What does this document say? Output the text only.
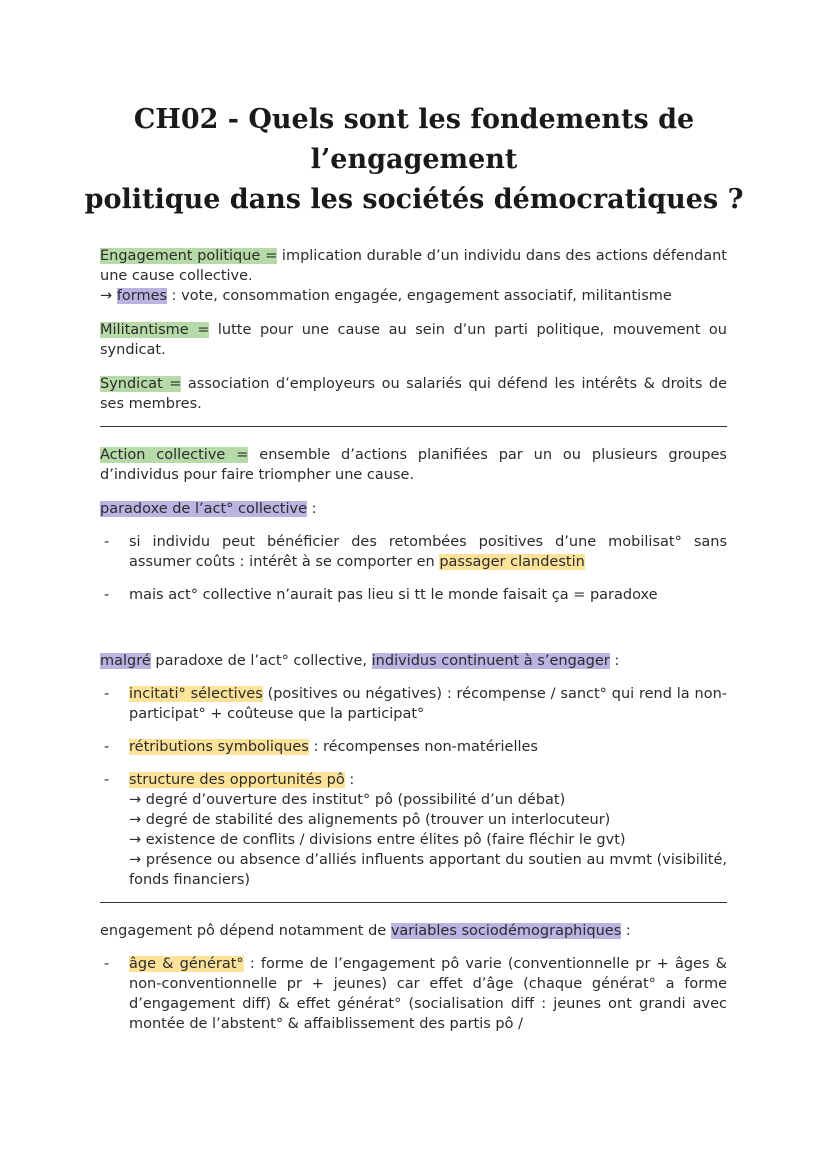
CH02 - Quels sont les fondements de l’engagement
politique dans les sociétés démocratiques ?

Engagement politique = implication durable d’un individu dans des actions défendant une cause collective.

→ formes : vote, consommation engagée, engagement associatif, militantisme

Militantisme = lutte pour une cause au sein d’un parti politique, mouvement ou syndicat.

Syndicat = association d’employeurs ou salariés qui défend les intérêts & droits de ses membres.

Action collective = ensemble d’actions planifiées par un ou plusieurs groupes d’individus pour faire triompher une cause.

paradoxe de l’act° collective :

- si individu peut bénéficier des retombées positives d’une mobilisat° sans assumer coûts : intérêt à se comporter en passager clandestin
- mais act° collective n’aurait pas lieu si tt le monde faisait ça = paradoxe

malgré paradoxe de l’act° collective, individus continuent à s’engager :

- incitati° sélectives (positives ou négatives) : récompense / sanct° qui rend la non-participat° + coûteuse que la participat°
- rétributions symboliques : récompenses non-matérielles
- structure des opportunités pô :
→ degré d’ouverture des institut° pô (possibilité d’un débat)
→ degré de stabilité des alignements pô (trouver un interlocuteur)
→ existence de conflits / divisions entre élites pô (faire fléchir le gvt)
→ présence ou absence d’alliés influents apportant du soutien au mvmt (visibilité, fonds financiers)

engagement pô dépend notamment de variables sociodémographiques :

- âge & générat° : forme de l’engagement pô varie (conventionnelle pr + âges & non-conventionnelle pr + jeunes) car effet d’âge (chaque générat° a forme d’engagement diff) & effet générat° (socialisation diff : jeunes ont grandi avec montée de l’abstent° & affaiblissement des partis pô /
